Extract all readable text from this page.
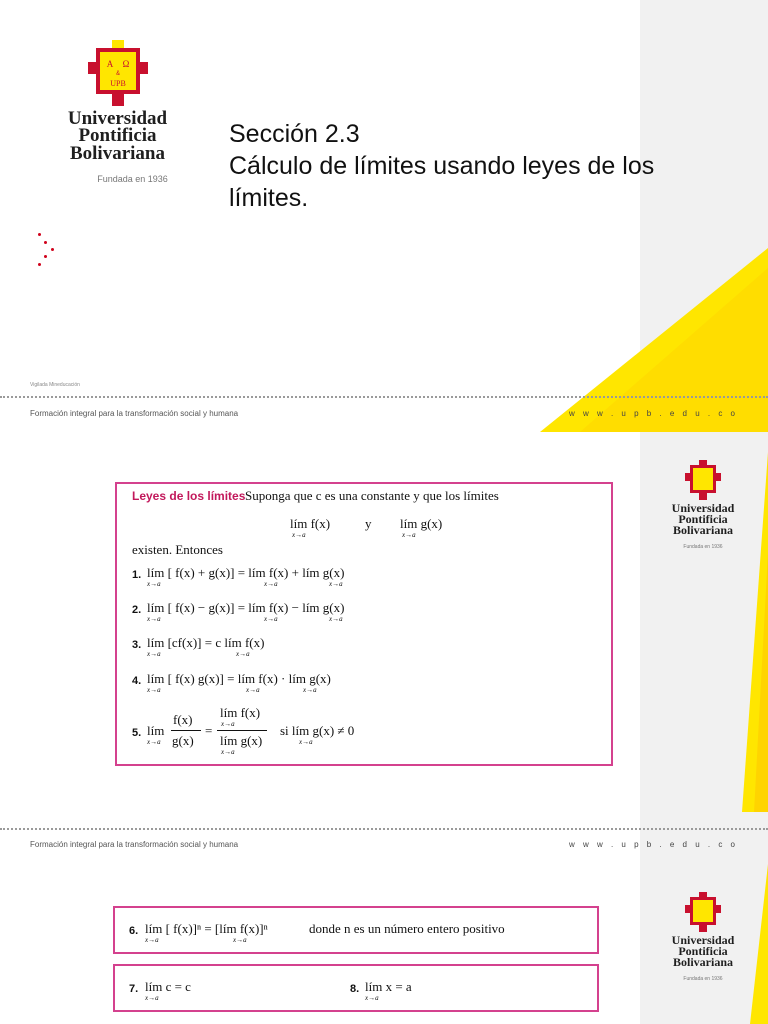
Α Ω
&
UPB
Universidad
Pontificia
Bolivariana
Fundada en 1936
Sección 2.3
Cálculo de límites usando leyes de los
límites.
Vigilada Mineducación
Formación integral para la transformación social y humana	w w w . u p b . e d u . c o
Universidad
Pontificia
Bolivariana
Fundada en 1936
Leyes de los límites Suponga que c es una constante y que los límites
lím f(x)
x→a
y lím g(x)
x→a
existen. Entonces
1. lím [ f(x) + g(x)] = lím f(x) + lím g(x)
x→a	x→a	x→a
2. lím [ f(x) − g(x)] = lím f(x) − lím g(x)
x→a	x→a	x→a
3. lím [cf(x)] = c lím f(x)
x→a	x→a
4. lím [ f(x) g(x)] = lím f(x) · lím g(x)
x→a	x→a	x→a
5. lím
x→a
f(x)
g(x)
=
lím f(x)
x→a
lím g(x)
x→a
si lím g(x) ≠ 0
x→a
Formación integral para la transformación social y humana	w w w . u p b . e d u . c o
Universidad
Pontificia
Bolivariana
Fundada en 1936
6. lím [ f(x)]ⁿ = [lím f(x)]ⁿ
x→a	x→a
donde n es un número entero positivo
7. lím c = c
x→a
8. lím x = a
x→a
